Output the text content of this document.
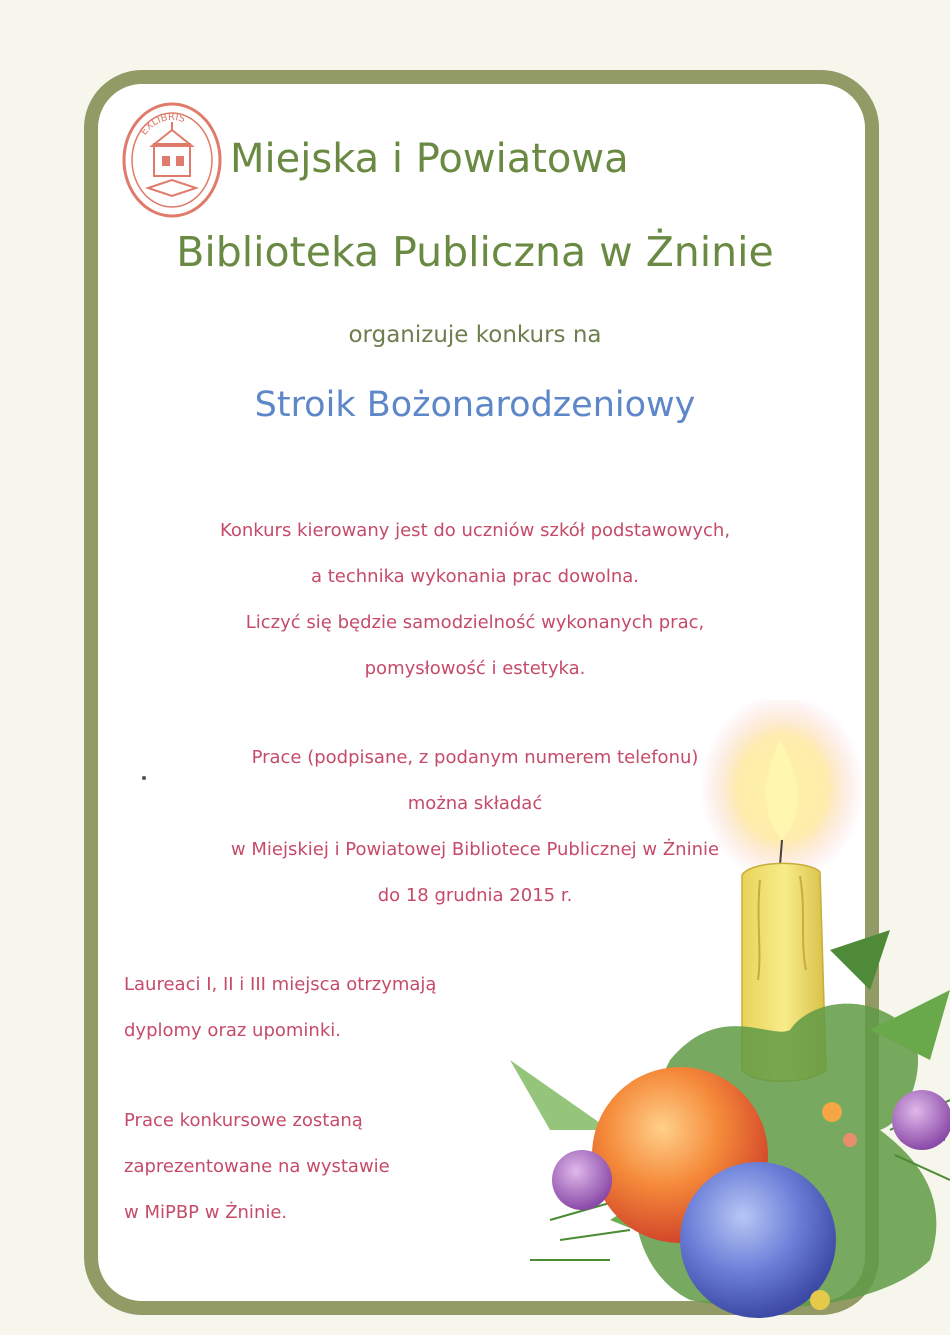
EXLIBRIS
Miejska i Powiatowa
Biblioteka Publiczna w Żninie
organizuje konkurs na
Stroik Bożonarodzeniowy
Konkurs kierowany jest do uczniów szkół podstawowych,
a technika wykonania prac dowolna.
Liczyć się będzie samodzielność wykonanych prac,
pomysłowość i estetyka.
Prace (podpisane, z podanym numerem telefonu)
można składać
w Miejskiej i Powiatowej Bibliotece Publicznej w Żninie
do 18 grudnia 2015 r.
Laureaci I, II i III miejsca otrzymają
dyplomy oraz upominki.
Prace konkursowe zostaną
zaprezentowane na wystawie
w MiPBP w Żninie.
